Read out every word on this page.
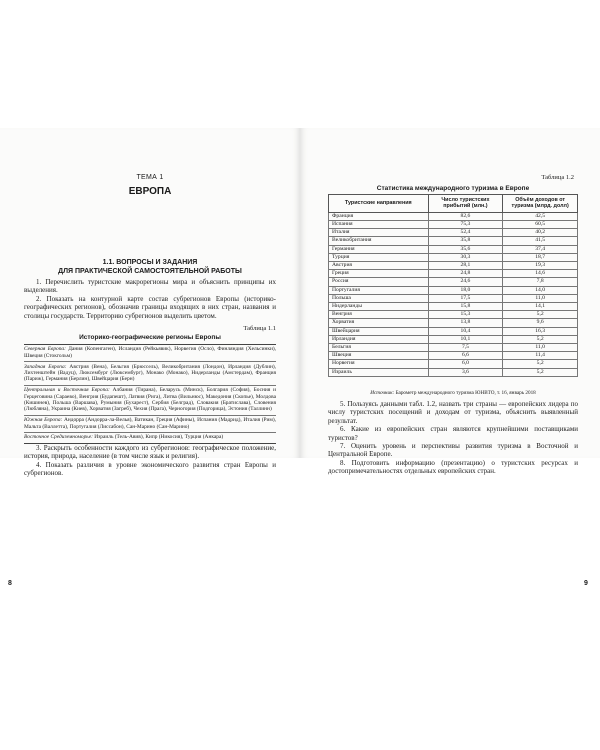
ТЕМА 1
ЕВРОПА
1.1. ВОПРОСЫ И ЗАДАНИЯ
ДЛЯ ПРАКТИЧЕСКОЙ САМОСТОЯТЕЛЬНОЙ РАБОТЫ

1. Перечислить туристские макрорегионы мира и объяснить принципы их выделения.

2. Показать на контурной карте состав субрегионов Европы (историко-географических регионов), обозначив границы входящих в них стран, названия и столицы государств. Территорию субрегионов выделить цветом.

Таблица 1.1
Историко-географические регионы Европы
Северная Европа: Дания (Копенгаген), Исландия (Рейкьявик), Норвегия (Осло), Финляндия (Хельсинки), Швеция (Стокгольм)
Западная Европа: Австрия (Вена), Бельгия (Брюссель), Великобритания (Лондон), Ирландия (Дублин), Лихтенштейн (Вадуц), Люксембург (Люксембург), Монако (Монако), Нидерланды (Амстердам), Франция (Париж), Германия (Берлин), Швейцария (Берн)
Центральная и Восточная Европа: Албания (Тирана), Беларусь (Минск), Болгария (София), Босния и Герцеговина (Сараево), Венгрия (Будапешт), Латвия (Рига), Литва (Вильнюс), Македония (Скопье), Молдова (Кишинев), Польша (Варшава), Румыния (Бухарест), Сербия (Белград), Словакия (Братислава), Словения (Любляна), Украина (Киев), Хорватия (Загреб), Чехия (Прага), Черногория (Подгорица), Эстония (Таллинн)
Южная Европа: Андорра (Андорра-ла-Велья), Ватикан, Греция (Афины), Испания (Мадрид), Италия (Рим), Мальта (Валлетта), Португалия (Лиссабон), Сан-Марино (Сан-Марино)
Восточное Средиземноморье: Израиль (Тель-Авив), Кипр (Никосия), Турция (Анкара)

3. Раскрыть особенности каждого из субрегионов: географическое положение, история, природа, население (в том числе язык и религия).

4. Показать различия в уровне экономического развития стран Европы и субрегионов.

Таблица 1.2
Статистика международного туризма в Европе
Туристские направления	Число туристских прибытий (млн.)	Объём доходов от туризма (млрд. долл)
Франция	82,6	42,5
Испания	75,3	60,5
Италия	52,4	40,2
Великобритания	35,8	41,5
Германия	35,6	37,4
Турция	30,3	18,7
Австрия	28,1	19,3
Греция	24,8	14,6
Россия	24,6	7,8
Португалия	18,0	14,0
Польша	17,5	11,0
Нидерланды	15,8	14,1
Венгрия	15,3	5,2
Хорватия	13,8	9,6
Швейцария	10,4	16,3
Ирландия	10,1	5,2
Бельгия	7,5	11,0
Швеция	6,6	11,4
Норвегия	6,0	5,2
Израиль	3,6	5,2
Источник: Барометр международного туризма ЮНВТО, т. 16, январь 2018

5. Пользуясь данными табл. 1.2, назвать три страны — европейских лидера по числу туристских посещений и доходам от туризма, объяснить выявленный результат.

6. Какие из европейских стран являются крупнейшими поставщиками туристов?

7. Оценить уровень и перспективы развития туризма в Восточной и Центральной Европе.

8. Подготовить информацию (презентацию) о туристских ресурсах и достопримечательностях отдельных европейских стран.

8	9
